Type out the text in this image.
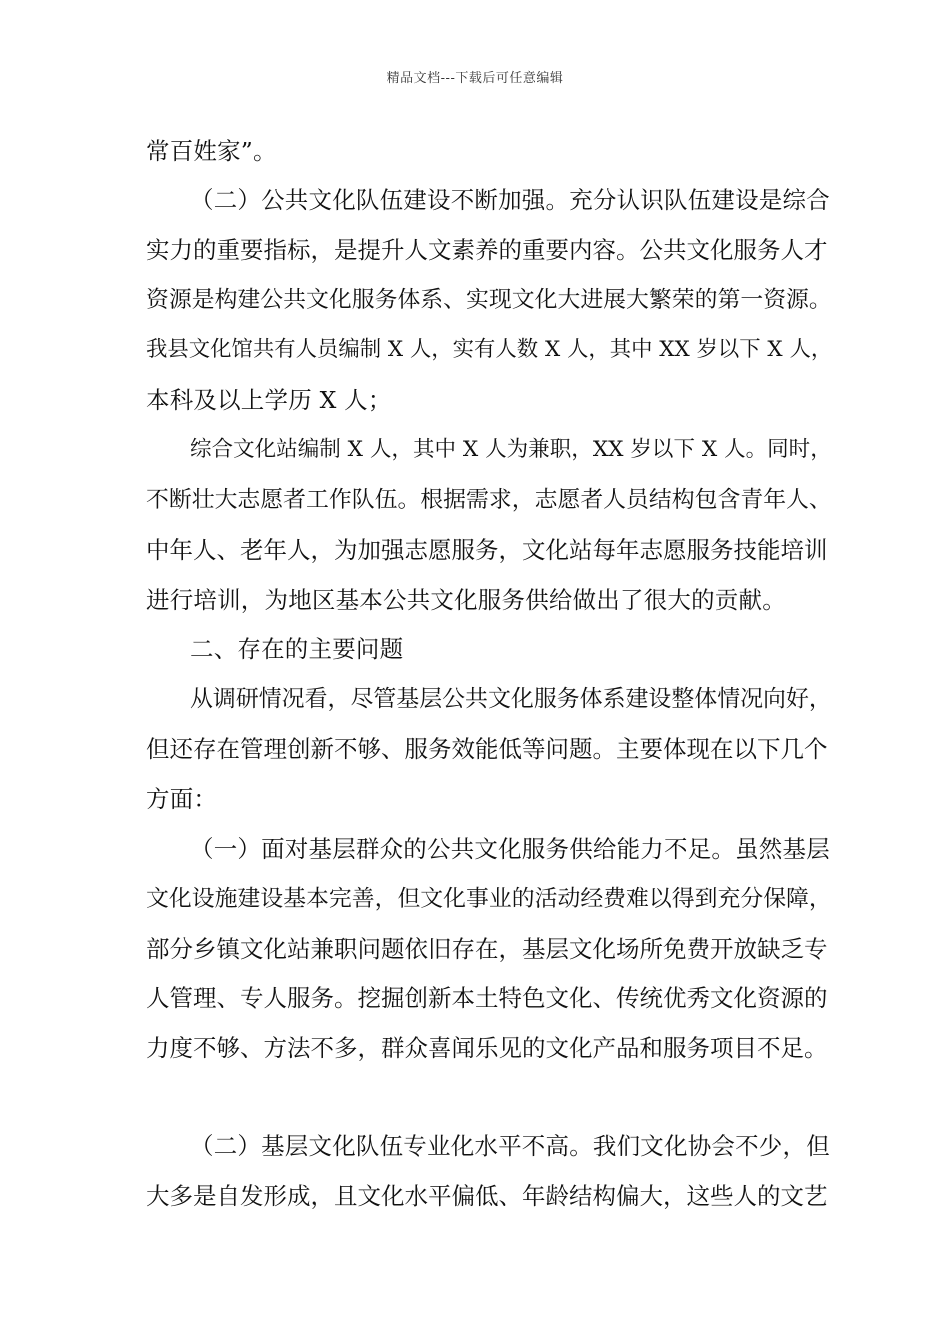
精品文档---下载后可任意编辑
常百姓家”。
（二）公共文化队伍建设不断加强。充分认识队伍建设是综合
实力的重要指标，是提升人文素养的重要内容。公共文化服务人才
资源是构建公共文化服务体系、实现文化大进展大繁荣的第一资源。
我县文化馆共有人员编制 X 人，实有人数 X 人，其中 XX 岁以下 X 人，
本科及以上学历 X 人；
综合文化站编制 X 人，其中 X 人为兼职，XX 岁以下 X 人。同时，
不断壮大志愿者工作队伍。根据需求，志愿者人员结构包含青年人、
中年人、老年人，为加强志愿服务，文化站每年志愿服务技能培训
进行培训，为地区基本公共文化服务供给做出了很大的贡献。
二、存在的主要问题
从调研情况看，尽管基层公共文化服务体系建设整体情况向好，
但还存在管理创新不够、服务效能低等问题。主要体现在以下几个
方面：
（一）面对基层群众的公共文化服务供给能力不足。虽然基层
文化设施建设基本完善，但文化事业的活动经费难以得到充分保障，
部分乡镇文化站兼职问题依旧存在，基层文化场所免费开放缺乏专
人管理、专人服务。挖掘创新本土特色文化、传统优秀文化资源的
力度不够、方法不多，群众喜闻乐见的文化产品和服务项目不足。
（二）基层文化队伍专业化水平不高。我们文化协会不少，但
大多是自发形成，且文化水平偏低、年龄结构偏大，这些人的文艺
